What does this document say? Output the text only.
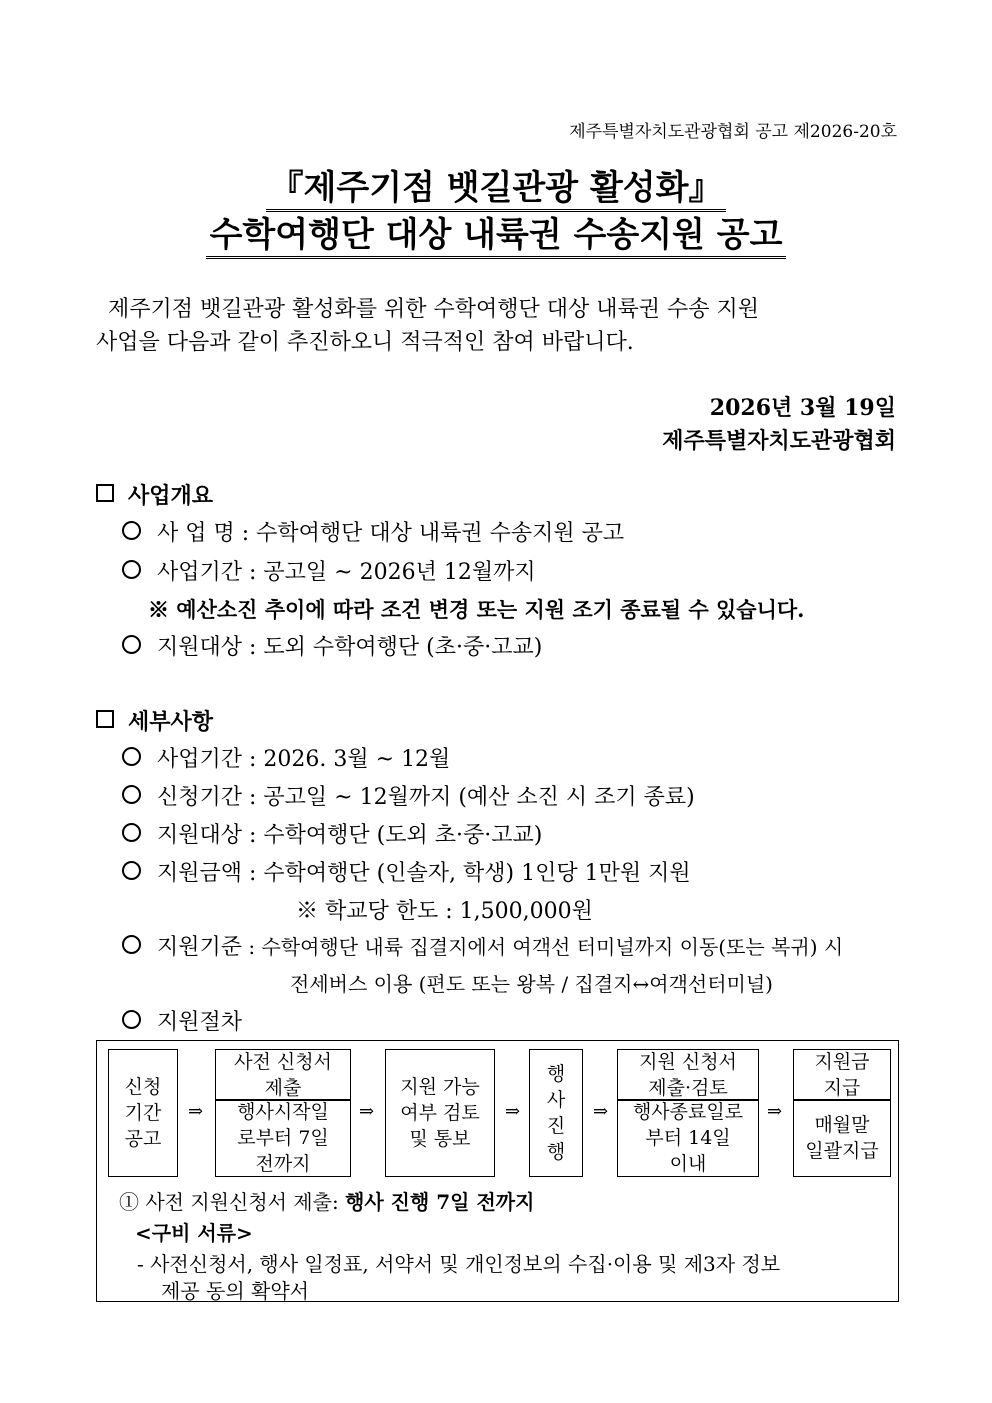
제주특별자치도관광협회 공고 제2026-20호
『제주기점 뱃길관광 활성화』
수학여행단 대상 내륙권 수송지원 공고

제주기점 뱃길관광 활성화를 위한 수학여행단 대상 내륙권 수송 지원

사업을 다음과 같이 추진하오니 적극적인 참여 바랍니다.
2026년 3월 19일
제주특별자치도관광협회
사업개요
사 업 명 : 수학여행단 대상 내륙권 수송지원 공고
사업기간 : 공고일 ~ 2026년 12월까지
※ 예산소진 추이에 따라 조건 변경 또는 지원 조기 종료될 수 있습니다.
지원대상 : 도외 수학여행단 (초·중·고교)
세부사항
사업기간 : 2026. 3월 ~ 12월
신청기간 : 공고일 ~ 12월까지 (예산 소진 시 조기 종료)
지원대상 : 수학여행단 (도외 초·중·고교)
지원금액 : 수학여행단 (인솔자, 학생) 1인당 1만원 지원
※ 학교당 한도 : 1,500,000원
지원기준 : 수학여행단 내륙 집결지에서 여객선 터미널까지 이동(또는 복귀) 시
전세버스 이용 (편도 또는 왕복 / 집결지↔여객선터미널)
지원절차
신청
기간
공고
⇒
사전 신청서
제출
행사시작일
로부터 7일
전까지
⇒
지원 가능
여부 검토
및 통보
⇒
행
사
진
행
⇒
지원 신청서
제출·검토
행사종료일로
부터 14일
이내
⇒
지원금
지급
매월말
일괄지급
① 사전 지원신청서 제출: 행사 진행 7일 전까지
<구비 서류>
- 사전신청서, 행사 일정표, 서약서 및 개인정보의 수집·이용 및 제3자 정보
제공 동의 확약서
